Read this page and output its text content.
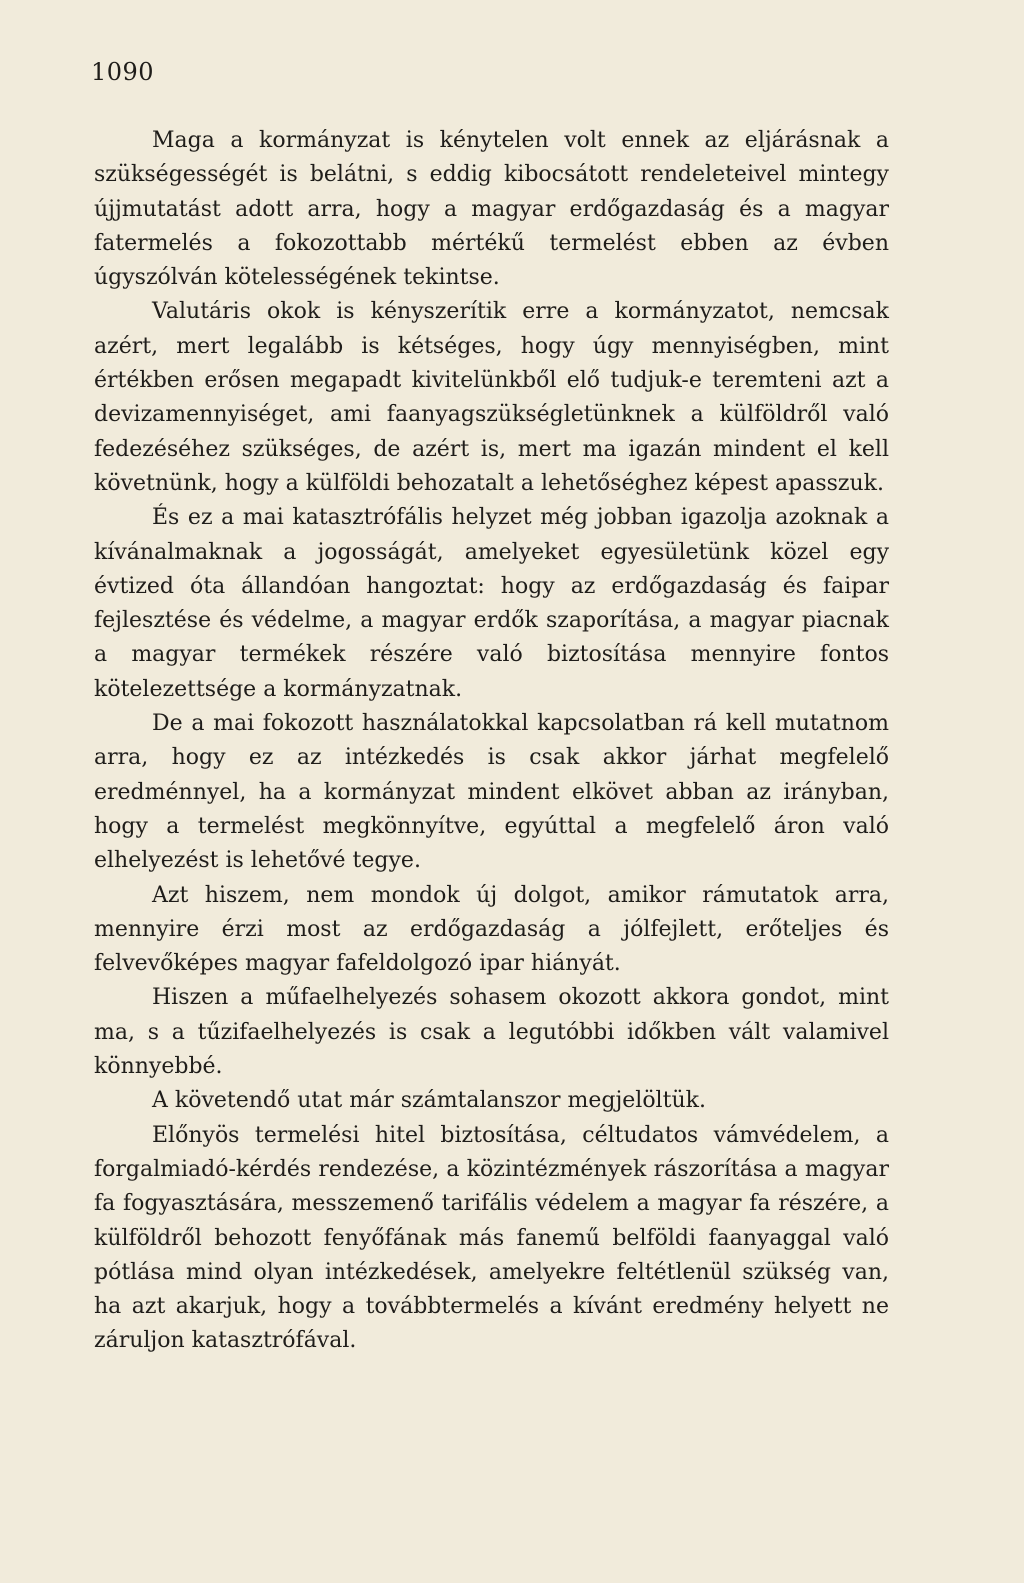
1090

Maga a kormányzat is kénytelen volt ennek az eljárásnak a szükségességét is belátni, s eddig kibocsátott rendeleteivel mintegy újjmutatást adott arra, hogy a magyar erdőgazdaság és a magyar fatermelés a fokozottabb mértékű termelést ebben az évben úgyszólván kötelességének tekintse.

Valutáris okok is kényszerítik erre a kormányzatot, nemcsak azért, mert legalább is kétséges, hogy úgy mennyiségben, mint értékben erősen megapadt kivitelünkből elő tudjuk-e teremteni azt a devizamennyiséget, ami faanyagszükségletünknek a külföldről való fedezéséhez szükséges, de azért is, mert ma igazán mindent el kell követnünk, hogy a külföldi behozatalt a lehetőséghez képest apasszuk.

És ez a mai katasztrófális helyzet még jobban igazolja azoknak a kívánalmaknak a jogosságát, amelyeket egyesületünk közel egy évtized óta állandóan hangoztat: hogy az erdőgazdaság és faipar fejlesztése és védelme, a magyar erdők szaporítása, a magyar piacnak a magyar termékek részére való biztosítása mennyire fontos kötelezettsége a kormányzatnak.

De a mai fokozott használatokkal kapcsolatban rá kell mutatnom arra, hogy ez az intézkedés is csak akkor járhat megfelelő eredménnyel, ha a kormányzat mindent elkövet abban az irányban, hogy a termelést megkönnyítve, egyúttal a megfelelő áron való elhelyezést is lehetővé tegye.

Azt hiszem, nem mondok új dolgot, amikor rámutatok arra, mennyire érzi most az erdőgazdaság a jólfejlett, erőteljes és felvevőképes magyar fafeldolgozó ipar hiányát.

Hiszen a műfaelhelyezés sohasem okozott akkora gondot, mint ma, s a tűzifaelhelyezés is csak a legutóbbi időkben vált valamivel könnyebbé.

A követendő utat már számtalanszor megjelöltük.

Előnyös termelési hitel biztosítása, céltudatos vámvédelem, a forgalmiadó-kérdés rendezése, a közintézmények rászorítása a magyar fa fogyasztására, messzemenő tarifális védelem a magyar fa részére, a külföldről behozott fenyőfának más fanemű belföldi faanyaggal való pótlása mind olyan intézkedések, amelyekre feltétlenül szükség van, ha azt akarjuk, hogy a továbbtermelés a kívánt eredmény helyett ne záruljon katasztrófával.
